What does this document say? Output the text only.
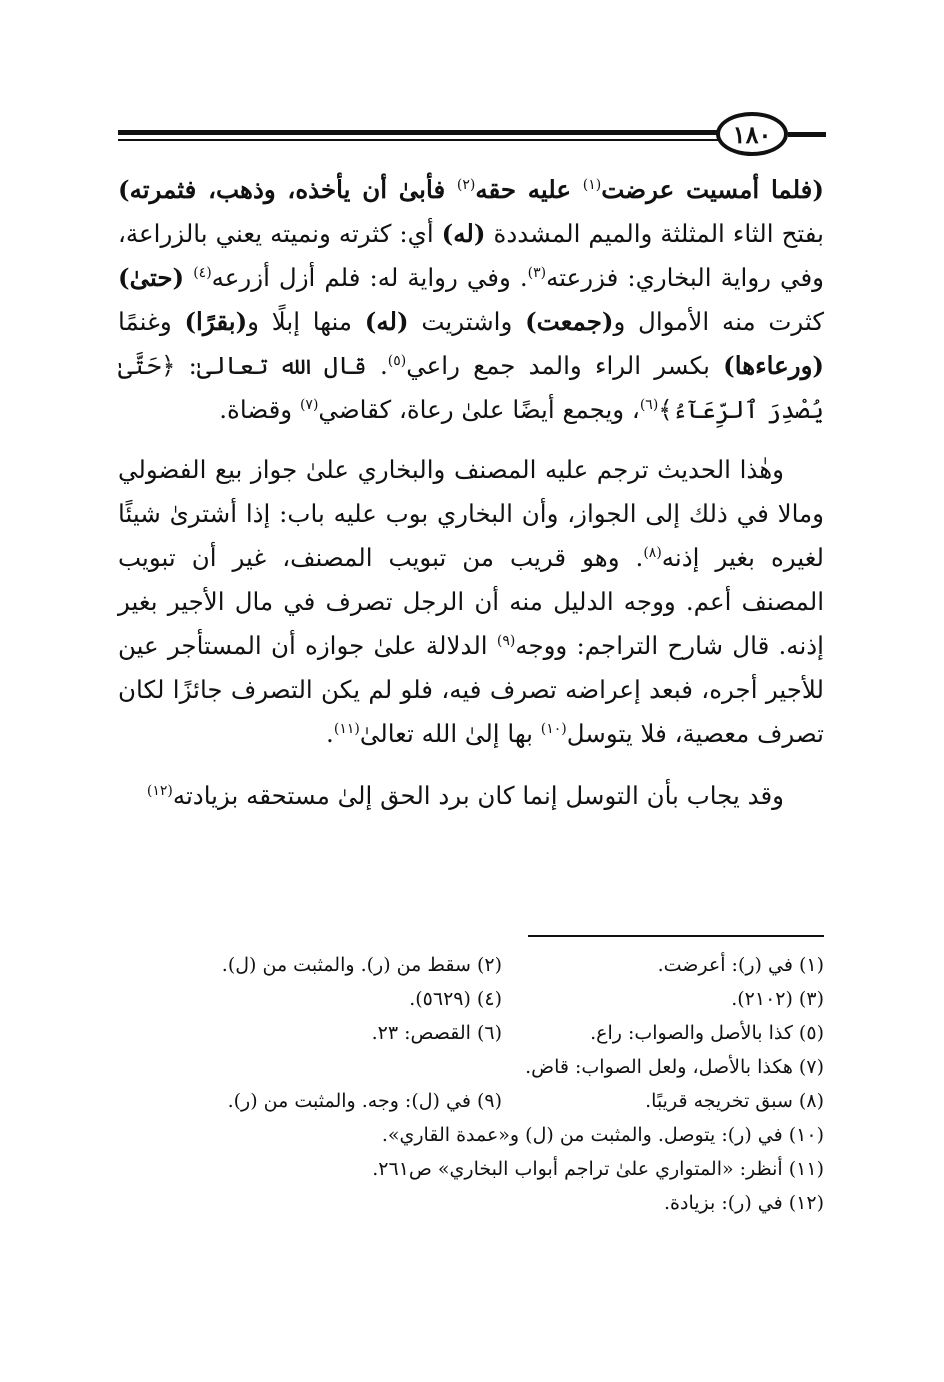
١٨٠

(فلما أمسيت عرضت$^{(١)}$ عليه حقه$^{(٢)}$ فأبىٰ أن يأخذه، وذهب، فثمرته) بفتح الثاء المثلثة والميم المشددة (له) أي: كثرته ونميته يعني بالزراعة، وفي رواية البخاري: فزرعته$^{(٣)}$. وفي رواية له: فلم أزل أزرعه$^{(٤)}$ (حتىٰ) كثرت منه الأموال و(جمعت) واشتريت (له) منها إبلًا و(بقرًا) وغنمًا (ورعاءها) بكسر الراء والمد جمع راعي$^{(٥)}$. قال الله تعالىٰ: ﴿حَتَّىٰ يُصْدِرَ ٱلرِّعَآءُ﴾$^{(٦)}$، ويجمع أيضًا علىٰ رعاة، كقاضي$^{(٧)}$ وقضاة.

وهٰذا الحديث ترجم عليه المصنف والبخاري علىٰ جواز بيع الفضولي ومالا في ذلك إلى الجواز، وأن البخاري بوب عليه باب: إذا أشترىٰ شيئًا لغيره بغير إذنه$^{(٨)}$. وهو قريب من تبويب المصنف، غير أن تبويب المصنف أعم. ووجه الدليل منه أن الرجل تصرف في مال الأجير بغير إذنه. قال شارح التراجم: ووجه$^{(٩)}$ الدلالة علىٰ جوازه أن المستأجر عين للأجير أجره، فبعد إعراضه تصرف فيه، فلو لم يكن التصرف جائزًا لكان تصرف معصية، فلا يتوسل$^{(١٠)}$ بها إلىٰ الله تعالىٰ$^{(١١)}$.

وقد يجاب بأن التوسل إنما كان برد الحق إلىٰ مستحقه بزيادته$^{(١٢)}$

(١) في (ر): أعرضت.
(٢) سقط من (ر). والمثبت من (ل).
(٣) (٢١٠٢).
(٤) (٥٦٢٩).
(٥) كذا بالأصل والصواب: راع.
(٦) القصص: ٢٣.
(٧) هكذا بالأصل، ولعل الصواب: قاض.
(٨) سبق تخريجه قريبًا.
(٩) في (ل): وجه. والمثبت من (ر).
(١٠) في (ر): يتوصل. والمثبت من (ل) و«عمدة القاري».
(١١) أنظر: «المتواري علىٰ تراجم أبواب البخاري» ص٢٦١.
(١٢) في (ر): بزيادة.
